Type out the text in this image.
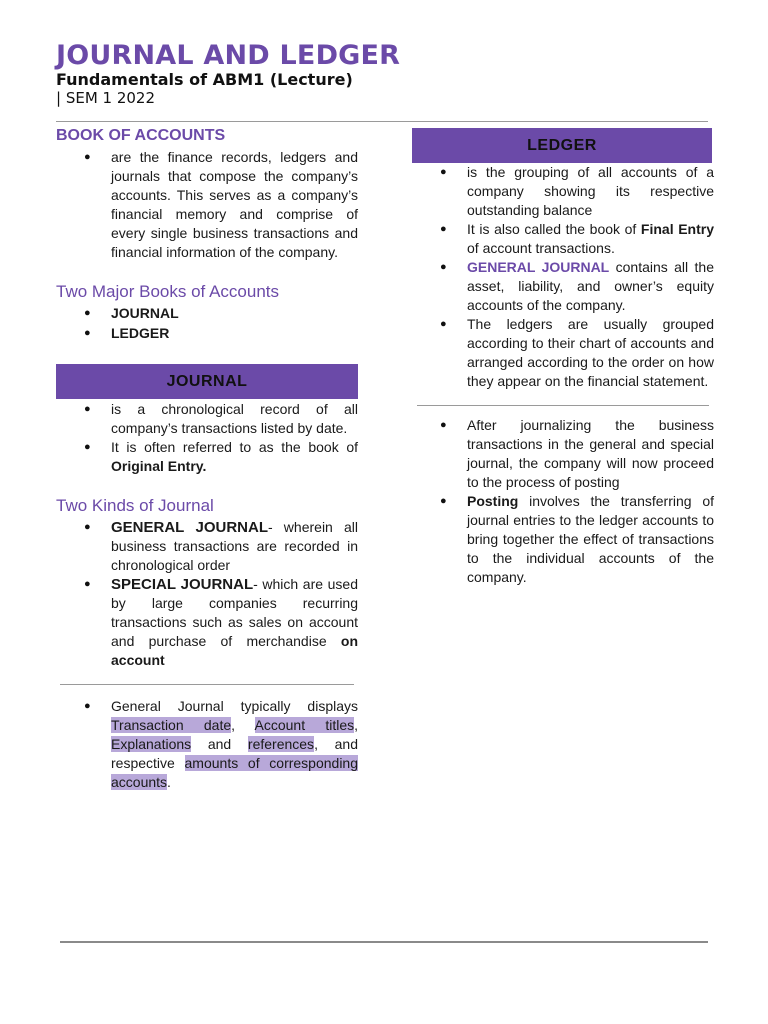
JOURNAL AND LEDGER
Fundamentals of ABM1 (Lecture)
| SEM 1 2022
BOOK OF ACCOUNTS
● are the finance records, ledgers and journals that compose the company’s accounts. This serves as a company’s financial memory and comprise of every single business transactions and financial information of the company.
Two Major Books of Accounts
● JOURNAL
● LEDGER
JOURNAL
● is a chronological record of all company’s transactions listed by date.
● It is often referred to as the book of Original Entry.
Two Kinds of Journal
● GENERAL JOURNAL- wherein all business transactions are recorded in chronological order
● SPECIAL JOURNAL- which are used by large companies recurring transactions such as sales on account and purchase of merchandise on account
● General Journal typically displays Transaction date, Account titles, Explanations and references, and respective amounts of corresponding accounts.
LEDGER
● is the grouping of all accounts of a company showing its respective outstanding balance
● It is also called the book of Final Entry of account transactions.
● GENERAL JOURNAL contains all the asset, liability, and owner’s equity accounts of the company.
● The ledgers are usually grouped according to their chart of accounts and arranged according to the order on how they appear on the financial statement.
● After journalizing the business transactions in the general and special journal, the company will now proceed to the process of posting
● Posting involves the transferring of journal entries to the ledger accounts to bring together the effect of transactions to the individual accounts of the company.
